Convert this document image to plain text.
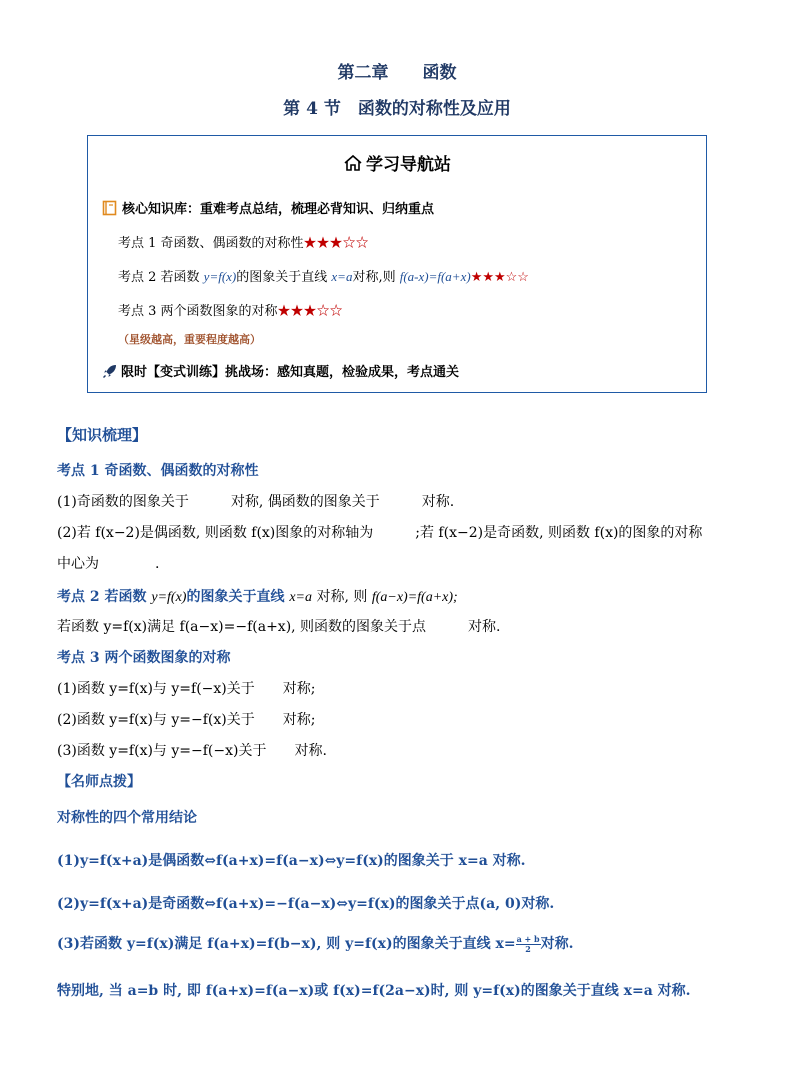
第二章　　函数
第 4 节　函数的对称性及应用
学习导航站
核心知识库：重难考点总结，梳理必背知识、归纳重点
考点 1 奇函数、偶函数的对称性★★★☆☆
考点 2 若函数 y=f(x)的图象关于直线 x=a对称,则 f(a-x)=f(a+x)★★★☆☆
考点 3 两个函数图象的对称★★★☆☆
（星级越高，重要程度越高）
限时【变式训练】挑战场：感知真题，检验成果，考点通关
【知识梳理】
考点 1 奇函数、偶函数的对称性
(1)奇函数的图象关于　　　对称, 偶函数的图象关于　　　对称.
(2)若 f(x−2)是偶函数, 则函数 f(x)图象的对称轴为　　　;若 f(x−2)是奇函数, 则函数 f(x)的图象的对称
中心为　　　　.
考点 2 若函数 y=f(x)的图象关于直线 x=a 对称, 则 f(a−x)=f(a+x);
若函数 y=f(x)满足 f(a−x)=−f(a+x), 则函数的图象关于点　　　对称.
考点 3 两个函数图象的对称
(1)函数 y=f(x)与 y=f(−x)关于　　对称;
(2)函数 y=f(x)与 y=−f(x)关于　　对称;
(3)函数 y=f(x)与 y=−f(−x)关于　　对称.
【名师点拨】
对称性的四个常用结论
(1)y=f(x+a)是偶函数⇔f(a+x)=f(a−x)⇔y=f(x)的图象关于 x=a 对称.
(2)y=f(x+a)是奇函数⇔f(a+x)=−f(a−x)⇔y=f(x)的图象关于点(a, 0)对称.
(3)若函数 y=f(x)满足 f(a+x)=f(b−x), 则 y=f(x)的图象关于直线 $x= \frac{a + b}{2}$ 对称.
特别地, 当 a=b 时, 即 f(a+x)=f(a−x)或 f(x)=f(2a−x)时, 则 y=f(x)的图象关于直线 x=a 对称.
